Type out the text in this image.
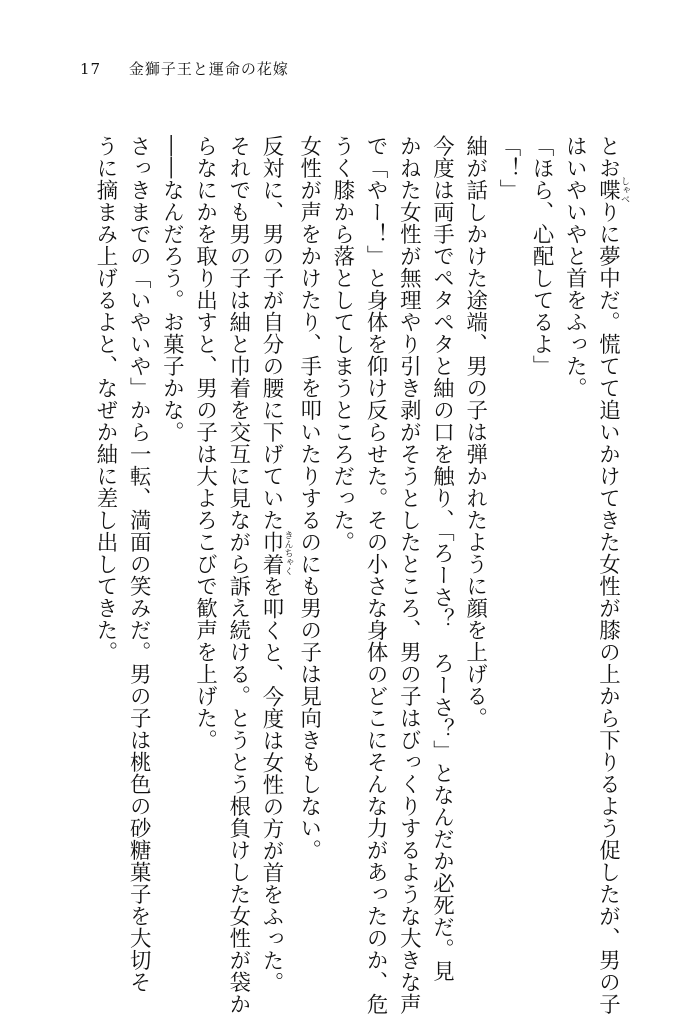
17 金獅子王と運命の花嫁

とお喋しゃべりに夢中だ。慌てて追いかけてきた女性が膝の上から下りるよう促したが、男の子

はいやいやと首をふった。

「ほら、心配してるよ」

「！」

紬が話しかけた途端、男の子は弾かれたように顔を上げる。

今度は両手でペタペタと紬の口を触り、「ろーさ？　ろーさ？」となんだか必死だ。見

かねた女性が無理やり引き剥がそうとしたところ、男の子はびっくりするような大きな声

で「やー！」と身体を仰け反らせた。その小さな身体のどこにそんな力があったのか、危

うく膝から落としてしまうところだった。

女性が声をかけたり、手を叩いたりするのにも男の子は見向きもしない。

反対に、男の子が自分の腰に下げていた巾着きんちゃくを叩くと、今度は女性の方が首をふった。

それでも男の子は紬と巾着を交互に見ながら訴え続ける。とうとう根負けした女性が袋か

らなにかを取り出すと、男の子は大よろこびで歓声を上げた。

――なんだろう。お菓子かな。

さっきまでの「いやいや」から一転、満面の笑みだ。男の子は桃色の砂糖菓子を大切そ

うに摘まみ上げるよと、なぜか紬に差し出してきた。
